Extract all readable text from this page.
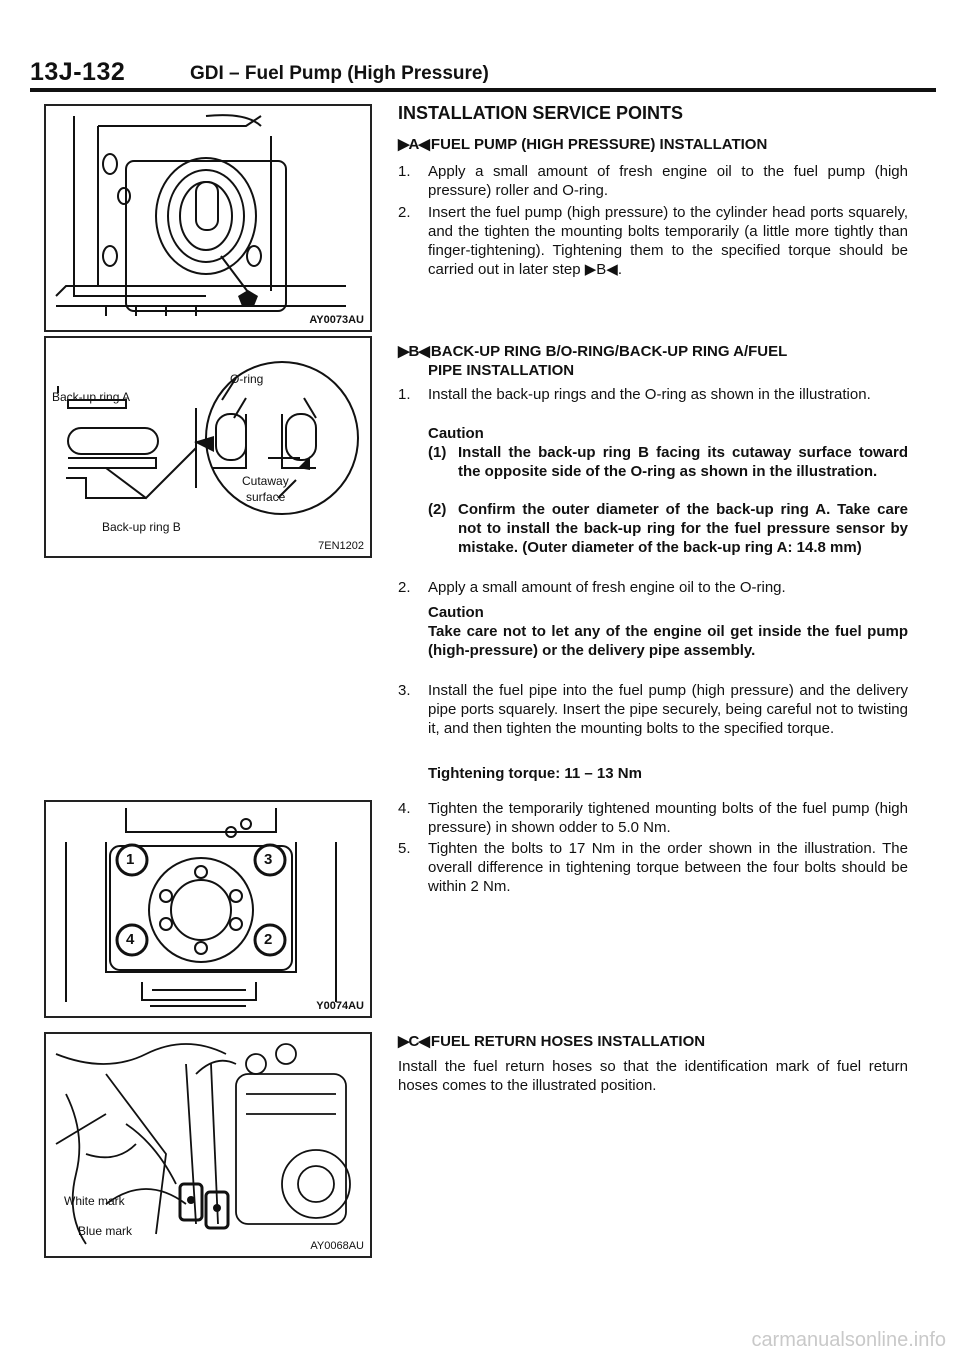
13J-132	GDI – Fuel Pump (High Pressure)
AY0073AU
Back-up ring A
O-ring
Cutaway
surface
Back-up ring B
7EN1202
1	3
4	2
Y0074AU
White mark
Blue mark
AY0068AU
INSTALLATION SERVICE POINTS
▶A◀ FUEL PUMP (HIGH PRESSURE) INSTALLATION
1. Apply a small amount of fresh engine oil to the fuel pump (high pressure) roller and O-ring.
2. Insert the fuel pump (high pressure) to the cylinder head ports squarely, and the tighten the mounting bolts temporarily (a little more tightly than finger-tightening). Tightening them to the specified torque should be carried out in later step ▶B◀.
▶B◀ BACK-UP RING B/O-RING/BACK-UP RING A/FUEL
PIPE INSTALLATION
1. Install the back-up rings and the O-ring as shown in the illustration.
Caution
(1) Install the back-up ring B facing its cutaway surface toward the opposite side of the O-ring as shown in the illustration.
(2) Confirm the outer diameter of the back-up ring A. Take care not to install the back-up ring for the fuel pressure sensor by mistake. (Outer diameter of the back-up ring A: 14.8 mm)
2. Apply a small amount of fresh engine oil to the O-ring.
Caution
Take care not to let any of the engine oil get inside the fuel pump (high-pressure) or the delivery pipe assembly.
3. Install the fuel pipe into the fuel pump (high pressure) and the delivery pipe ports squarely. Insert the pipe securely, being careful not to twisting it, and then tighten the mounting bolts to the specified torque.
Tightening torque: 11 – 13 Nm
4. Tighten the temporarily tightened mounting bolts of the fuel pump (high pressure) in shown odder to 5.0 Nm.
5. Tighten the bolts to 17 Nm in the order shown in the illustration. The overall difference in tightening torque between the four bolts should be within 2 Nm.
▶C◀ FUEL RETURN HOSES INSTALLATION
Install the fuel return hoses so that the identification mark of fuel return hoses comes to the illustrated position.
carmanualsonline.info
